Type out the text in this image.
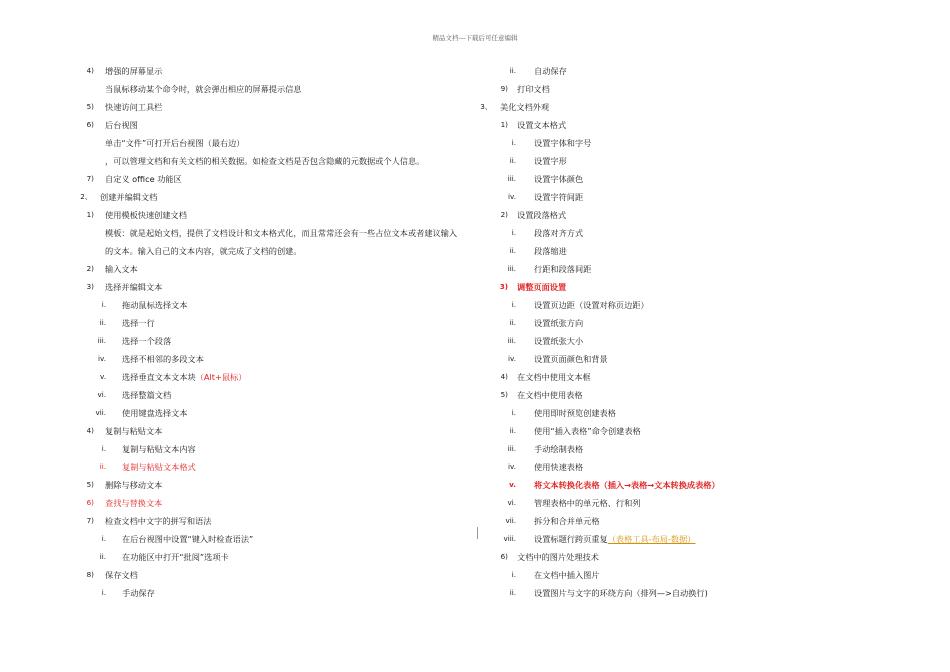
精品文档---下载后可任意编辑
4) 增强的屏幕显示
当鼠标移动某个命令时，就会弹出相应的屏幕提示信息
5) 快速访问工具栏
6) 后台视图
单击“文件”可打开后台视图（最右边）
，可以管理文档和有关文档的相关数据。如检查文档是否包含隐藏的元数据或个人信息。
7) 自定义 office 功能区
2、 创建并编辑文档
1) 使用模板快速创建文档
模板：就是起始文档，提供了文档设计和文本格式化，而且常常还会有一些占位文本或者建议输入
的文本。输入自己的文本内容，就完成了文档的创建。
2) 输入文本
3) 选择并编辑文本
i. 拖动鼠标选择文本
ii. 选择一行
iii. 选择一个段落
iv. 选择不相邻的多段文本
v. 选择垂直文本文本块（Alt+鼠标）
vi. 选择整篇文档
vii. 使用键盘选择文本
4) 复制与粘贴文本
i. 复制与粘贴文本内容
ii. 复制与粘贴文本格式
5) 删除与移动文本
6) 查找与替换文本
7) 检查文档中文字的拼写和语法
i. 在后台视图中设置“键入时检查语法”
ii. 在功能区中打开“批阅”选项卡
8) 保存文档
i. 手动保存
ii. 自动保存
9) 打印文档
3、 美化文档外观
1) 设置文本格式
i. 设置字体和字号
ii. 设置字形
iii. 设置字体颜色
iv. 设置字符间距
2) 设置段落格式
i. 段落对齐方式
ii. 段落缩进
iii. 行距和段落间距
3) 调整页面设置
i. 设置页边距（设置对称页边距）
ii. 设置纸张方向
iii. 设置纸张大小
iv. 设置页面颜色和背景
4) 在文档中使用文本框
5) 在文档中使用表格
i. 使用即时预览创建表格
ii. 使用“插入表格”命令创建表格
iii. 手动绘制表格
iv. 使用快速表格
v. 将文本转换化表格（插入→表格→文本转换成表格）
vi. 管理表格中的单元格、行和列
vii. 拆分和合并单元格
viii. 设置标题行跨页重复（表格工具-布局-数据）
6) 文档中的图片处理技术
i. 在文档中插入图片
ii. 设置图片与文字的环绕方向（排列—>自动换行)
